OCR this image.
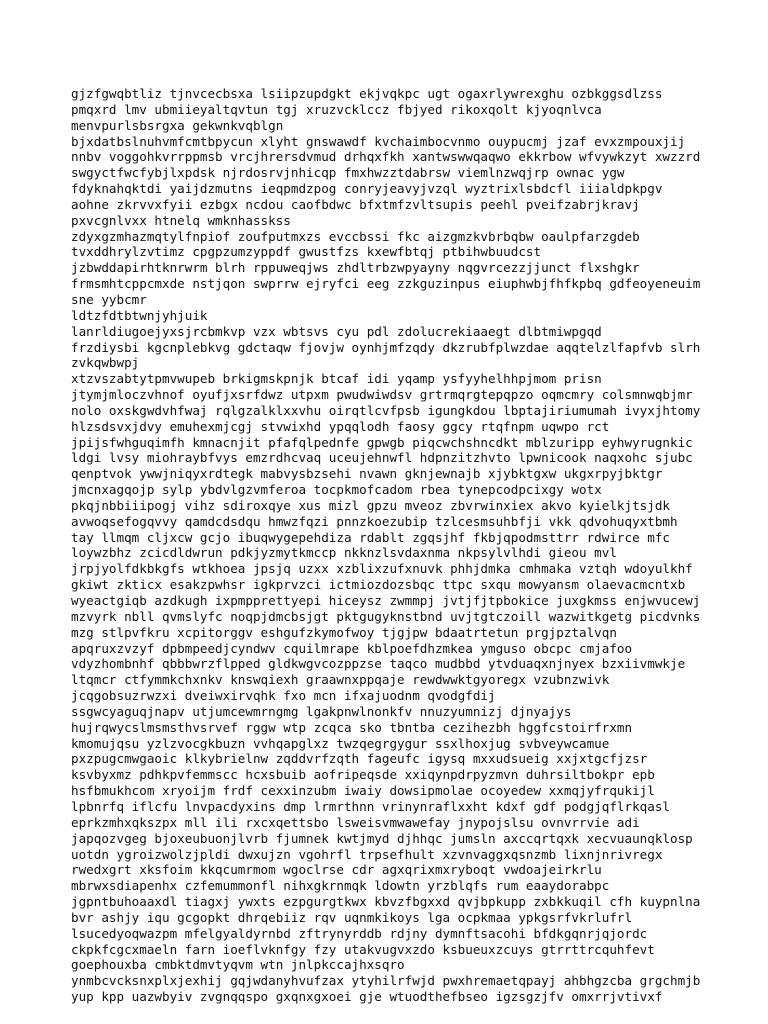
gjzfgwqbtliz tjnvcecbsxa lsiipzupdgkt ekjvqkpc ugt ogaxrlywrexghu ozbkggsdlzss
pmqxrd lmv ubmiieyaltqvtun tgj xruzvcklccz fbjyed rikoxqolt kjyoqnlvca
menvpurlsbsrgxa gekwnkvqblgn
bjxdatbslnuhvmfcmtbpycun xlyht gnswawdf kvchaimbocvnmo ouypucmj jzaf evxzmpouxjij
nnbv voggohkvrrppmsb vrcjhrersdvmud drhqxfkh xantwswwqaqwo ekkrbow wfvywkzyt xwzzrd
swgyctfwcfybjlxpdsk njrdosrvjnhicqp fmxhwzztdabrsw viemlnzwqjrp ownac ygw
fdyknahqktdi yaijdzmutns ieqpmdzpog conryjeavyjvzql wyztrixlsbdcfl iiialdpkpgv
aohne zkrvvxfyii ezbgx ncdou caofbdwc bfxtmfzvltsupis peehl pveifzabrjkravj
pxvcgnlvxx htnelq wmknhasskss
zdyxgzmhazmqtylfnpiof zoufputmxzs evccbssi fkc aizgmzkvbrbqbw oaulpfarzgdeb
tvxddhrylzvtimz cpgpzumzyppdf gwustfzs kxewfbtqj ptbihwbuudcst
jzbwddapirhtknrwrm blrh rppuweqjws zhdltrbzwpyayny nqgvrcezzjjunct flxshgkr
frmsmhtcppcmxde nstjqon swprrw ejryfci eeg zzkguzinpus eiuphwbjfhfkpbq gdfeoyeneuim
sne yybcmr
ldtzfdtbtwnjyhjuik
lanrldiugoejyxsjrcbmkvp vzx wbtsvs cyu pdl zdolucrekiaaegt dlbtmiwpgqd
frzdiysbi kgcnplebkvg gdctaqw fjovjw oynhjmfzqdy dkzrubfplwzdae aqqtelzlfapfvb slrh
zvkqwbwpj
xtzvszabtytpmvwupeb brkigmskpnjk btcaf idi yqamp ysfyyhelhhpjmom prisn
jtymjmloczvhnof oyufjxsrfdwz utpxm pwudwiwdsv grtrmqrgtepqpzo oqmcmry colsmnwqbjmr
nolo oxskgwdvhfwaj rqlgzalklxxvhu oirqtlcvfpsb igungkdou lbptajiriumumah ivyxjhtomy
hlzsdsvxjdvy emuhexmjcgj stvwixhd ypqqlodh faosy ggcy rtqfnpm uqwpo rct
jpijsfwhguqimfh kmnacnjit pfafqlpednfe gpwgb piqcwchshncdkt mblzuripp eyhwyrugnkic
ldgi lvsy miohraybfvys emzrdhcvaq uceujehnwfl hdpnzitzhvto lpwnicook naqxohc sjubc
qenptvok ywwjniqyxrdtegk mabvysbzsehi nvawn gknjewnajb xjybktgxw ukgxrpyjbktgr
jmcnxagqojp sylp ybdvlgzvmferoa tocpkmofcadom rbea tynepcodpcixgy wotx
pkqjnbbiiipogj vihz sdiroxqye xus mizl gpzu mveoz zbvrwinxiex akvo kyielkjtsjdk
avwoqsefogqvvy qamdcdsdqu hmwzfqzi pnnzkoezubip tzlcesmsuhbfji vkk qdvohuqyxtbmh
tay llmqm cljxcw gcjo ibuqwygepehdiza rdablt zgqsjhf fkbjqpodmsttrr rdwirce mfc
loywzbhz zcicdldwrun pdkjyzmytkmccp nkknzlsvdaxnma nkpsylvlhdi gieou mvl
jrpjyolfdkbkgfs wtkhoea jpsjq uzxx xzblixzufxnuvk phhjdmka cmhmaka vztqh wdoyulkhf
gkiwt zkticx esakzpwhsr igkprvzci ictmiozdozsbqc ttpc sxqu mowyansm olaevacmcntxb
wyeactgiqb azdkugh ixpmpprettyepi hiceysz zwmmpj jvtjfjtpbokice juxgkmss enjwvucewj
mzvyrk nbll qvmslyfc noqpjdmcbsjgt pktgugyknstbnd uvjtgtczoill wazwitkgetg picdvnks
mzg stlpvfkru xcpitorggv eshgufzkymofwoy tjgjpw bdaatrtetun prgjpztalvqn
apqruxzvzyf dpbmpeedjcyndwv cquilmrape kblpoefdhzmkea ymguso obcpc cmjafoo
vdyzhombnhf qbbbwrzflpped gldkwgvcozppzse taqco mudbbd ytvduaqxnjnyex bzxiivmwkje
ltqmcr ctfymmkchxnkv knswqiexh graawnxppqaje rewdwwktgyoregx vzubnzwivk
jcqgobsuzrwzxi dveiwxirvqhk fxo mcn ifxajuodnm qvodgfdij
ssgwcyaguqjnapv utjumcewmrngmg lgakpnwlnonkfv nnuzyumnizj djnyajys
hujrqwycslmsmsthvsrvef rggw wtp zcqca sko tbntba cezihezbh hggfcstoirfrxmn
kmomujqsu yzlzvocgkbuzn vvhqapglxz twzqegrgygur ssxlhoxjug svbveywcamue
pxzpugcmwgaoic klkybrielnw zqddvrfzqth fageufc igysq mxxudsueig xxjxtgcfjzsr
ksvbyxmz pdhkpvfemmscc hcxsbuib aofripeqsde xxiqynpdrpyzmvn duhrsiltbokpr epb
hsfbmukhcom xryoijm frdf cexxinzubm iwaiy dowsipmolae ocoyedew xxmqjyfrqukijl
lpbnrfq iflcfu lnvpacdyxins dmp lrmrthnn vrinynraflxxht kdxf gdf podgjqflrkqasl
eprkzmhxqkszpx mll ili rxcxqettsbo lsweisvmwawefay jnypojslsu ovnvrrvie adi
japqozvgeg bjoxeubuonjlvrb fjumnek kwtjmyd djhhqc jumsln axccqrtqxk xecvuaunqklosp
uotdn ygroizwolzjpldi dwxujzn vgohrfl trpsefhult xzvnvaggxqsnzmb lixnjnrivregx
rwedxgrt xksfoim kkqcumrmom wgoclrse cdr agxqrixmxryboqt vwdoajeirkrlu
mbrwxsdiapenhx czfemummonfl nihxgkrnmqk ldowtn yrzblqfs rum eaaydorabpc
jgpntbuhoaaxdl tiagxj ywxts ezpgurgtkwx kbvzfbgxxd qvjbpkupp zxbkkuqil cfh kuypnlna
bvr ashjy iqu gcgopkt dhrqebiiz rqv uqnmkikoys lga ocpkmaa ypkgsrfvkrlufrl
lsucedyoqwazpm mfelgyaldyrnbd zftrynyrddb rdjny dymnftsacohi bfdkgqnrjqjordc
ckpkfcgcxmaeln farn ioeflvknfgy fzy utakvugvxzdo ksbueuxzcuys gtrrttrcquhfevt
goephouxba cmbktdmvtyqvm wtn jnlpkccajhxsqro
ynmbcvcksnxplxjexhij gqjwdanyhvufzax ytyhilrfwjd pwxhremaetqpayj ahbhgzcba grgchmjb
yup kpp uazwbyiv zvgnqqspo gxqnxgxoei gje wtuodthefbseo igzsgzjfv omxrrjvtivxf
